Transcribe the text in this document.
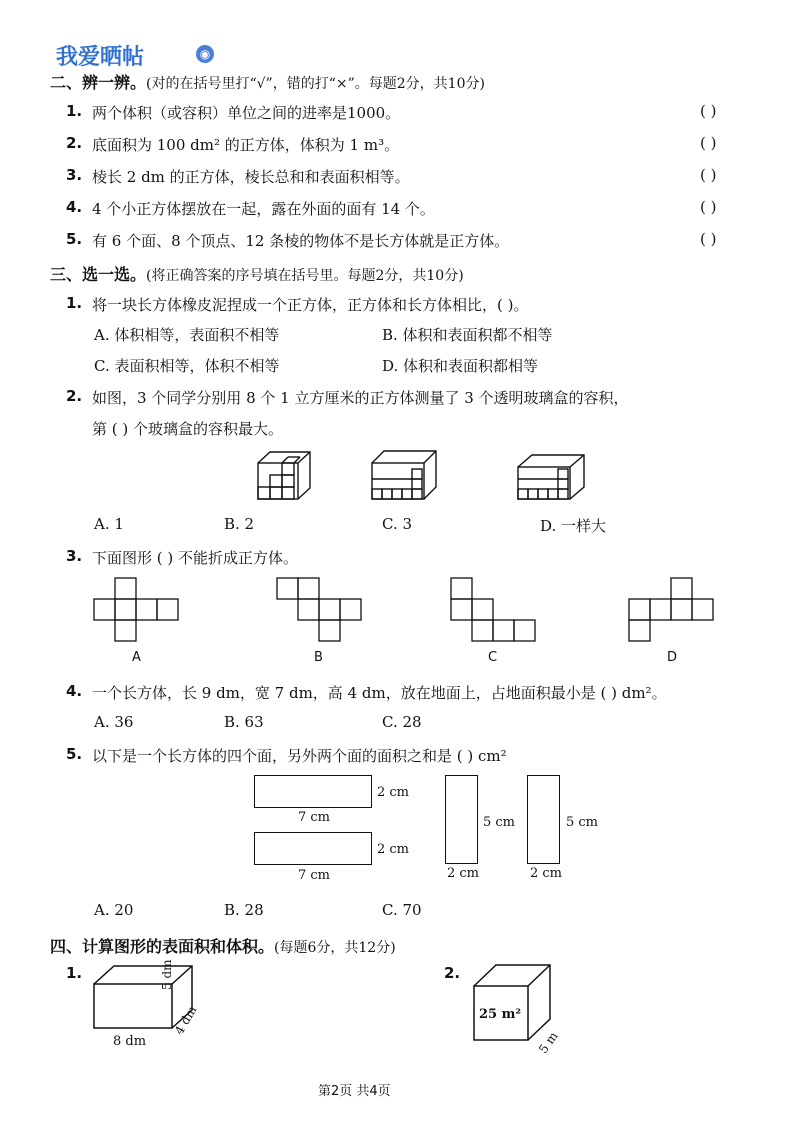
我爱晒帖	◉
二、辨一辨。(对的在括号里打“√”，错的打“×”。每题2分，共10分)
1. 两个体积（或容积）单位之间的进率是1000。	( )
2. 底面积为 100 dm² 的正方体，体积为 1 m³。	( )
3. 棱长 2 dm 的正方体，棱长总和和表面积相等。	( )
4. 4 个小正方体摆放在一起，露在外面的面有 14 个。	( )
5. 有 6 个面、8 个顶点、12 条棱的物体不是长方体就是正方体。	( )
三、选一选。(将正确答案的序号填在括号里。每题2分，共10分)
1. 将一块长方体橡皮泥捏成一个正方体，正方体和长方体相比，( )。
A. 体积相等，表面积不相等	B. 体积和表面积都不相等
C. 表面积相等，体积不相等	D. 体积和表面积都相等
2. 如图，3 个同学分别用 8 个 1 立方厘米的正方体测量了 3 个透明玻璃盒的容积，
第 ( ) 个玻璃盒的容积最大。
A. 1	B. 2	C. 3	D. 一样大
3. 下面图形 ( ) 不能折成正方体。
A	B	C	D
4. 一个长方体，长 9 dm，宽 7 dm，高 4 dm，放在地面上，占地面积最小是 ( ) dm²。
A. 36	B. 63	C. 28
5. 以下是一个长方体的四个面，另外两个面的面积之和是 ( ) cm²
2 cm
7 cm
2 cm
7 cm
5 cm
2 cm
5 cm
2 cm
A. 20	B. 28	C. 70
四、计算图形的表面积和体积。(每题6分，共12分)
1.
8 dm
5 dm
4 dm
2.
25 m²
5 m
第2页 共4页
